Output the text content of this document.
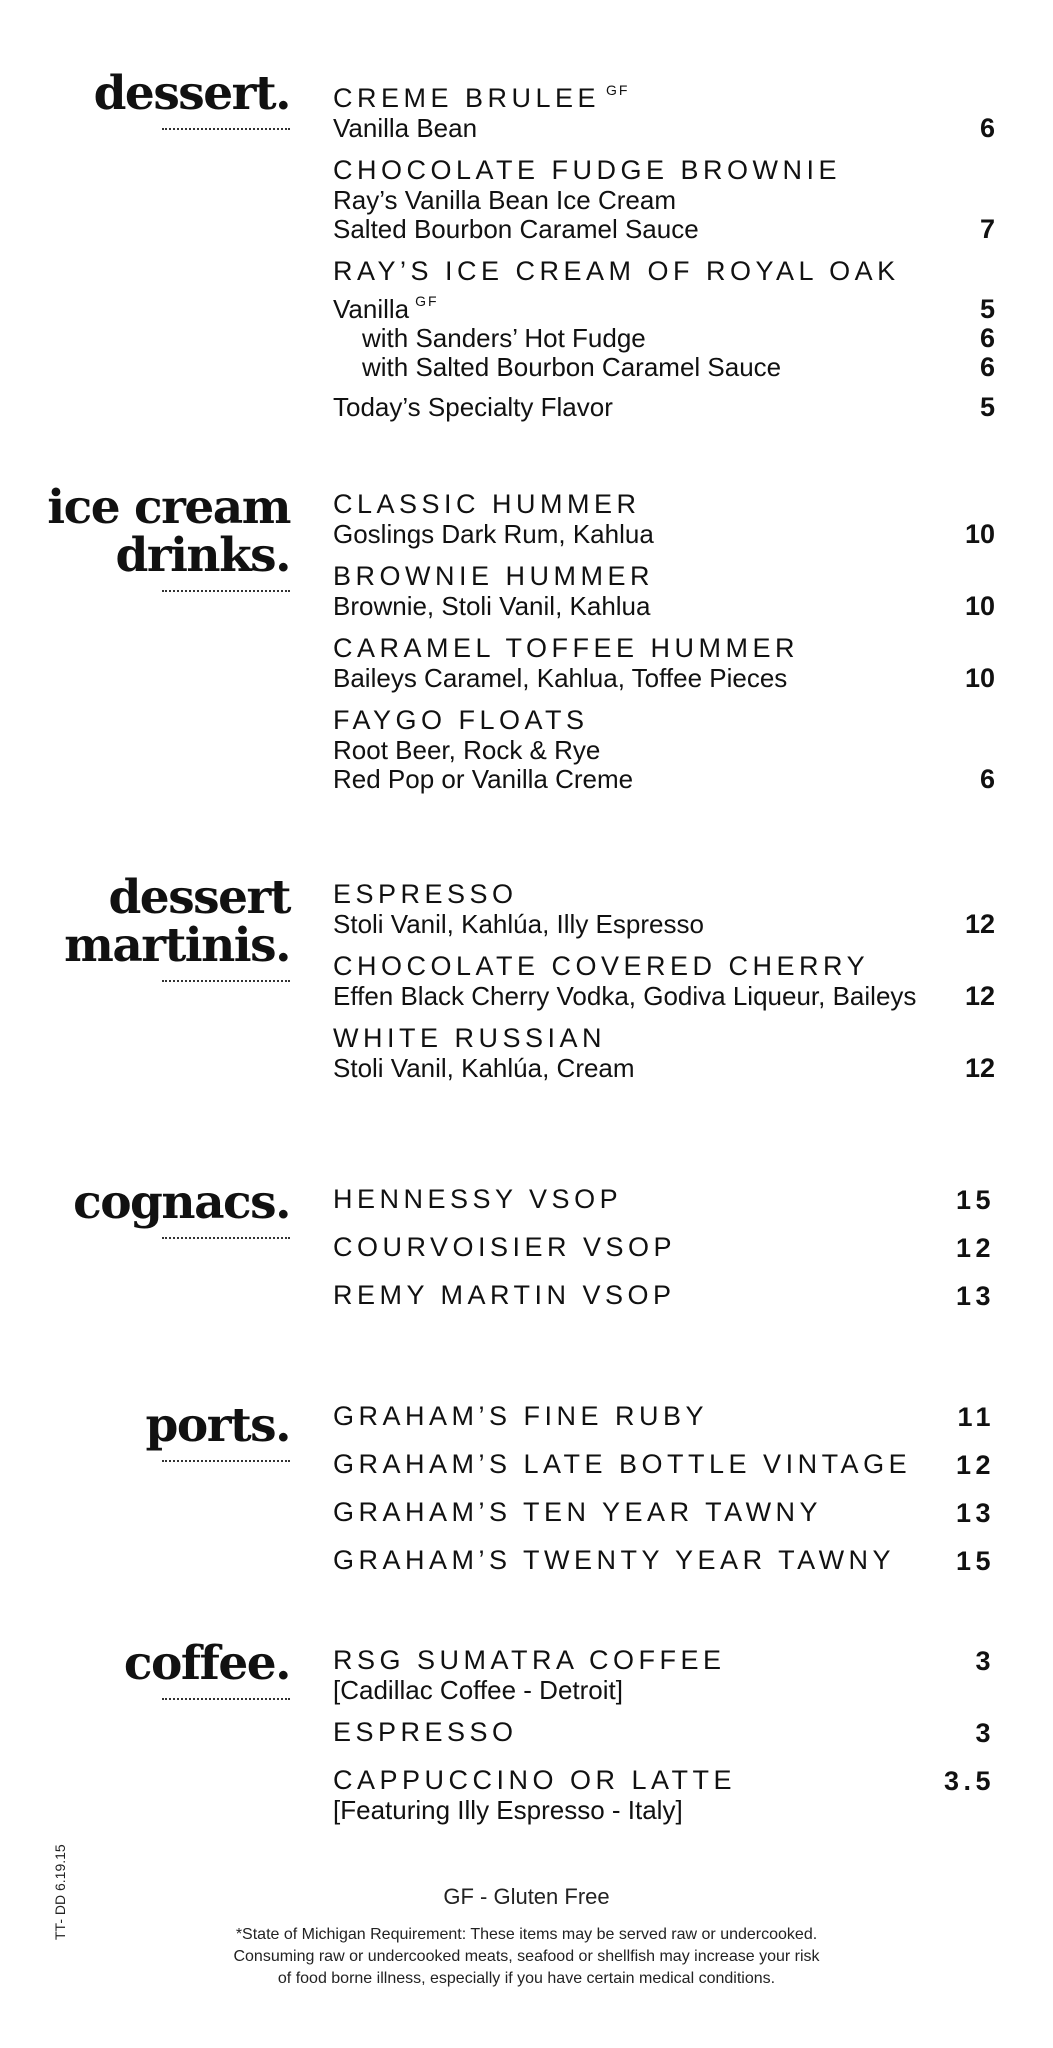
dessert. CREME BRULEE $^{GF}$
Vanilla Bean	6
CHOCOLATE FUDGE BROWNIE
Ray’s Vanilla Bean Ice Cream
Salted Bourbon Caramel Sauce	7
RAY’S ICE CREAM OF ROYAL OAK
Vanilla $^{GF}$	5
with Sanders’ Hot Fudge	6
with Salted Bourbon Caramel Sauce	6
Today’s Specialty Flavor	5
ice cream
drinks.
CLASSIC HUMMER
Goslings Dark Rum, Kahlua	10
BROWNIE HUMMER
Brownie, Stoli Vanil, Kahlua	10
CARAMEL TOFFEE HUMMER
Baileys Caramel, Kahlua, Toffee Pieces	10
FAYGO FLOATS
Root Beer, Rock & Rye
Red Pop or Vanilla Creme	6
dessert
martinis.
ESPRESSO
Stoli Vanil, Kahlúa, Illy Espresso	12
CHOCOLATE COVERED CHERRY
Effen Black Cherry Vodka, Godiva Liqueur, Baileys 12
WHITE RUSSIAN
Stoli Vanil, Kahlúa, Cream	12
cognacs. HENNESSY VSOP	15
COURVOISIER VSOP	12
REMY MARTIN VSOP	13
ports. GRAHAM’S FINE RUBY	11
GRAHAM’S LATE BOTTLE VINTAGE 12
GRAHAM’S TEN YEAR TAWNY	13
GRAHAM’S TWENTY YEAR TAWNY 15
coffee. RSG SUMATRA COFFEE	3
[Cadillac Coffee - Detroit]
ESPRESSO	3
CAPPUCCINO OR LATTE	3.5
[Featuring Illy Espresso - Italy]
TT- DD 6.19.15	GF - Gluten Free
*State of Michigan Requirement: These items may be served raw or undercooked.
Consuming raw or undercooked meats, seafood or shellfish may increase your risk
of food borne illness, especially if you have certain medical conditions.
